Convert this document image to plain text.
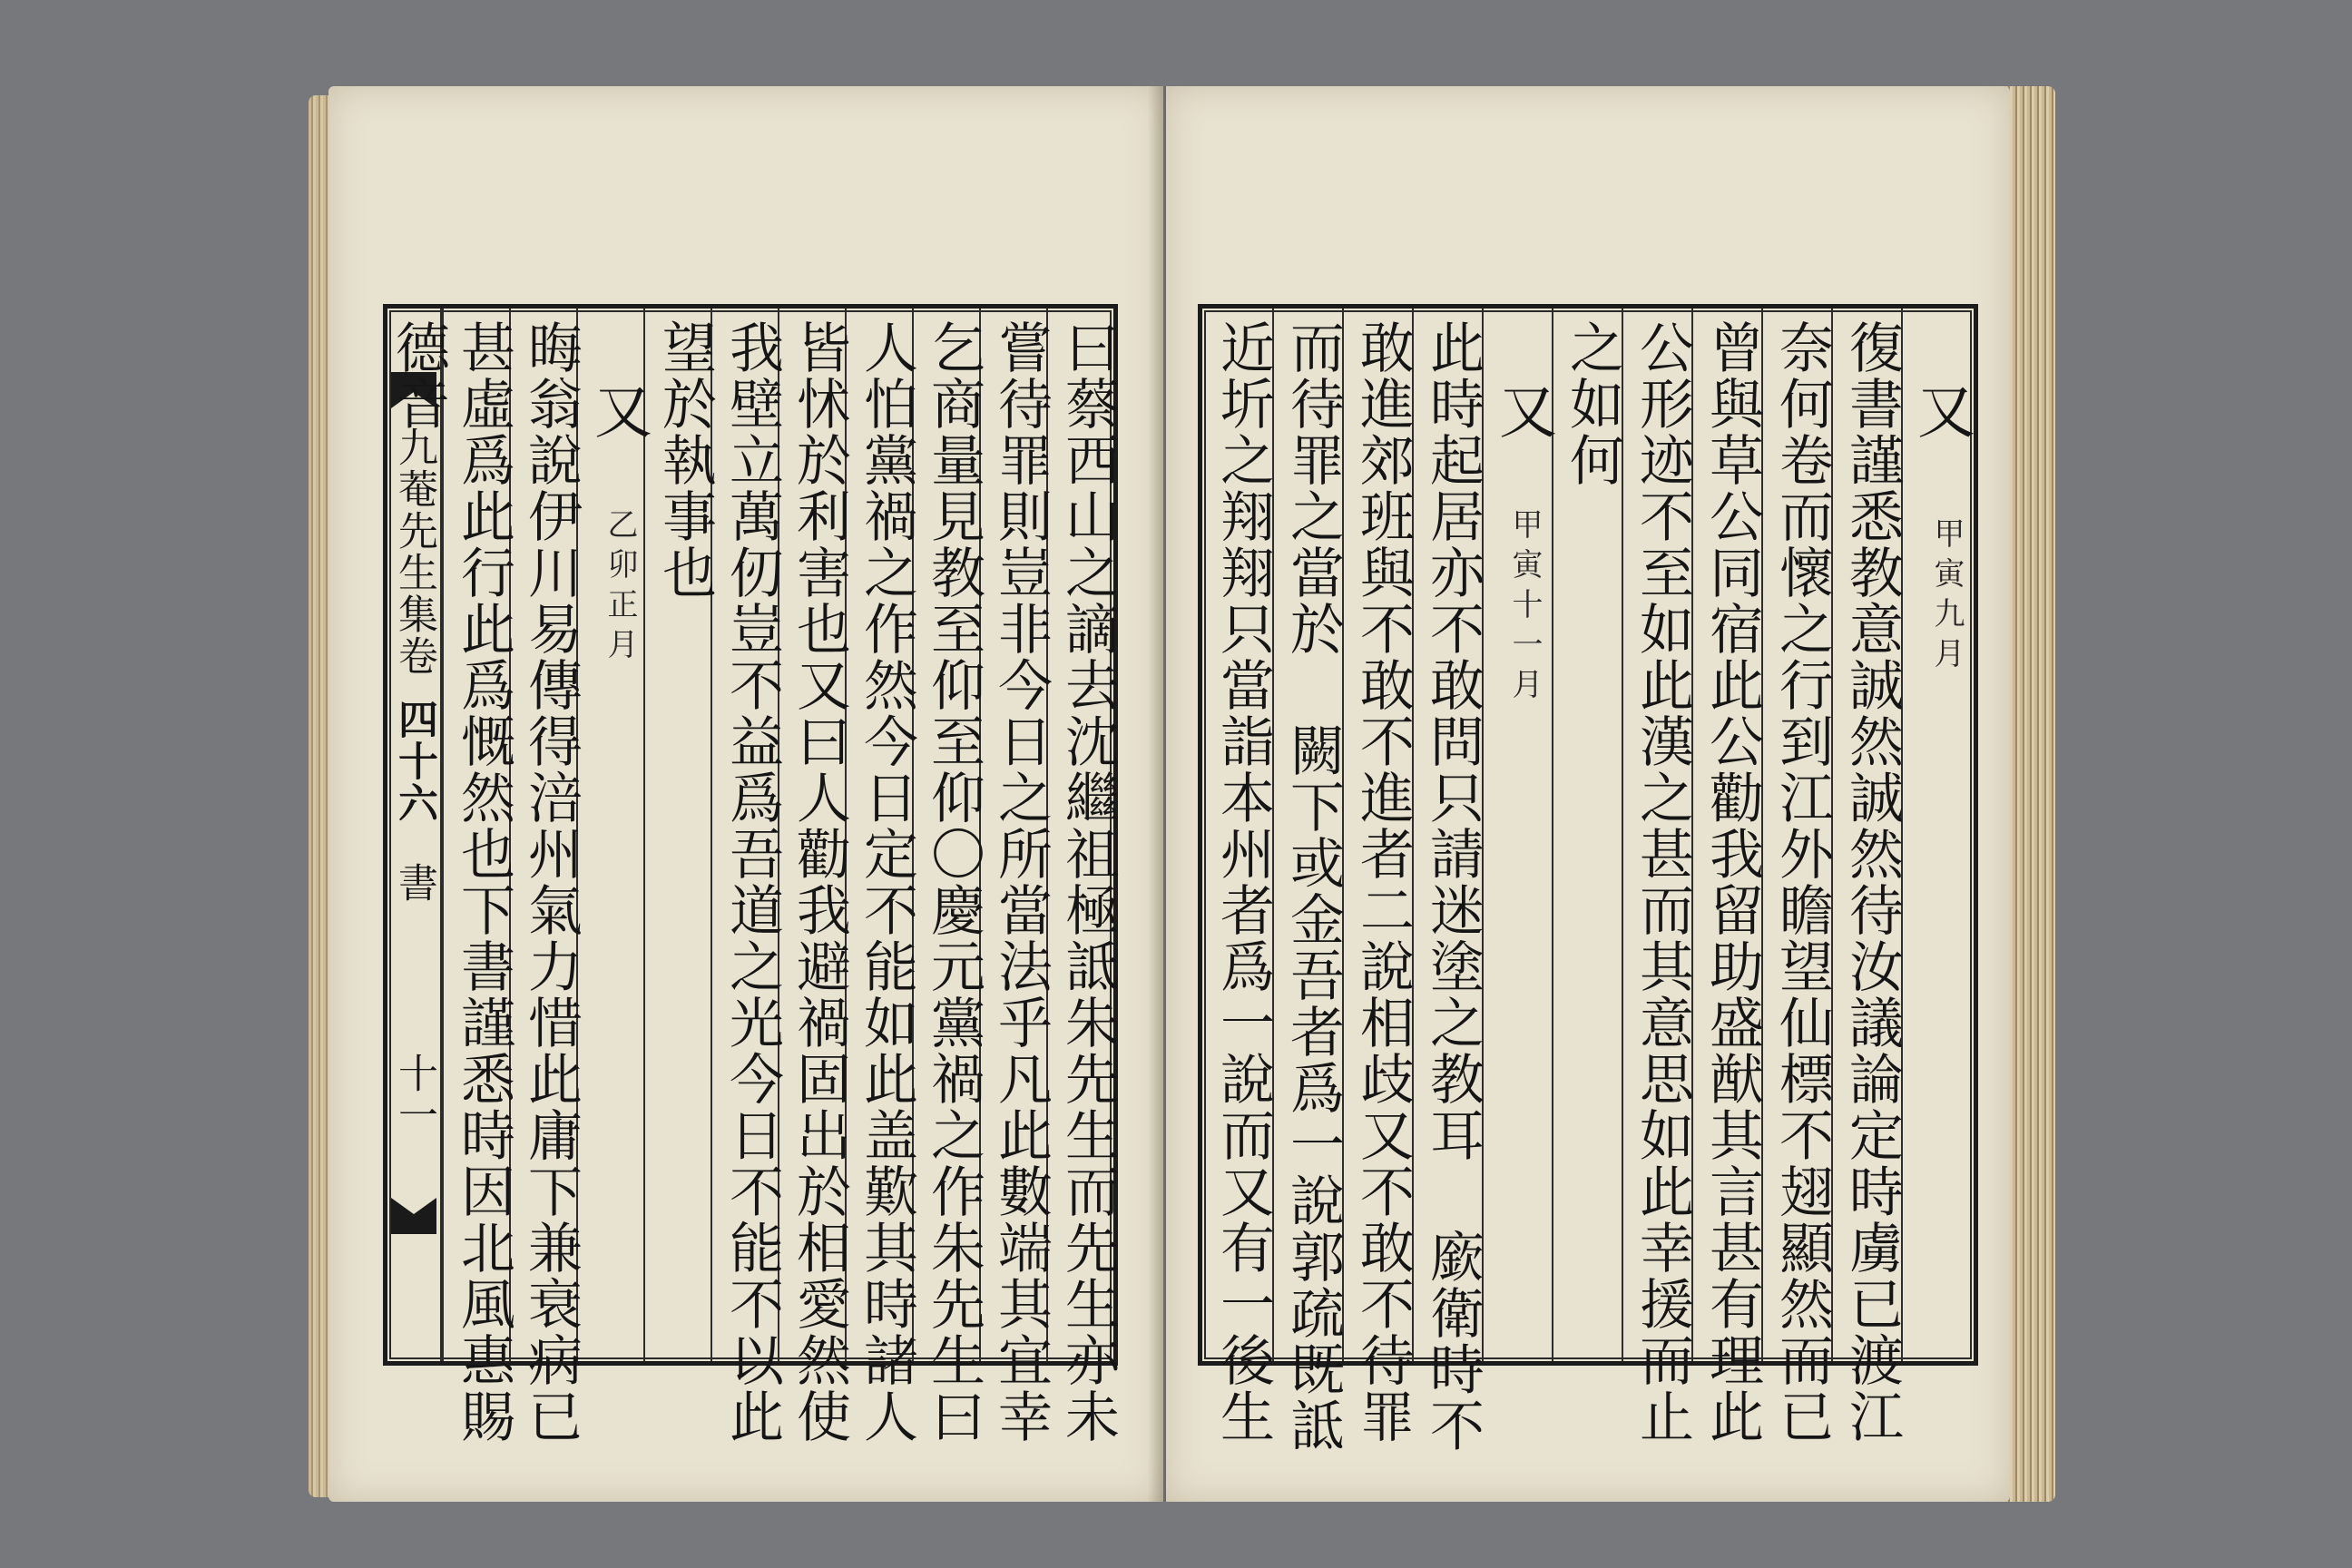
九菴先生集卷
四十六
書
十一	曰蔡西山之謫去沈繼祖極詆朱先生而先生亦未
嘗待罪則豈非今日之所當法乎凡此數端其宜幸
乞商量見教至仰至仰〇慶元黨禍之作朱先生曰
人怕黨禍之作然今日定不能如此盖歎其時諸人
皆怵於利害也又曰人勸我避禍固出於相愛然使
我壁立萬仞豈不益爲吾道之光今日不能不以此
望於執事也
又
乙卯正月
晦翁說伊川易傳得涪州氣力惜此庸下兼衰病已
甚虛爲此行此爲慨然也下書謹悉時因北風惠賜
德音	又
甲寅九月
復書謹悉教意誠然誠然待汝議論定時虜已渡江
奈何卷而懷之行到江外瞻望仙標不翅顯然而已
曾與草公同宿此公勸我留助盛猷其言甚有理此
公形迹不至如此漢之甚而其意思如此幸援而止
之如何
又
甲寅十一月
此時起居亦不敢問只請迷塗之教耳 廞衛時不
敢進郊班與不敢不進者二說相歧又不敢不待罪
而待罪之當於 闕下或金吾者爲一說郭疏既詆
近圻之翔翔只當詣本州者爲一說而又有一後生
